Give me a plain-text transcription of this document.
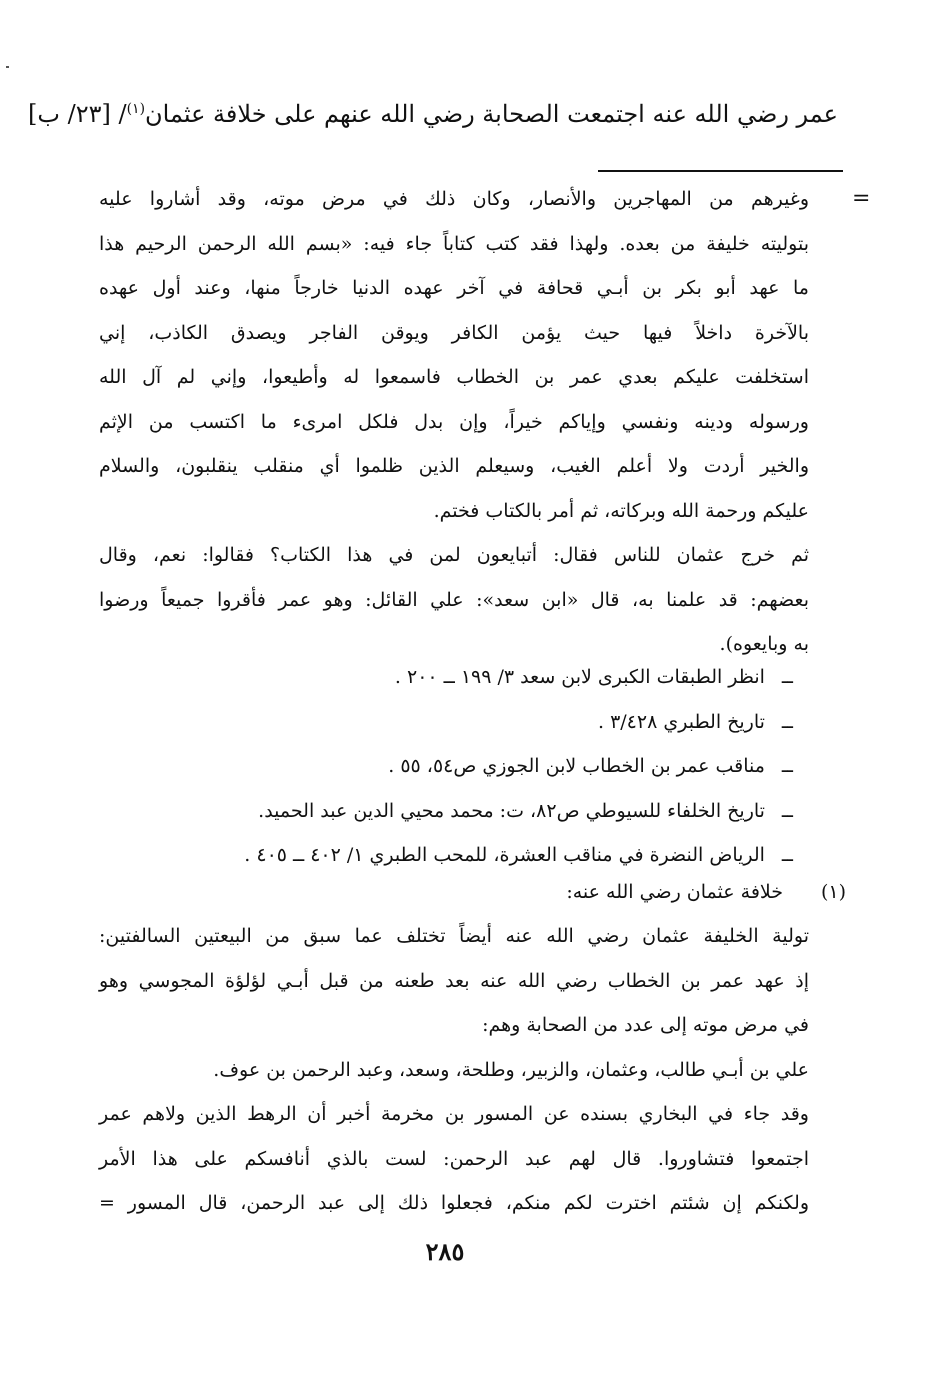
عمر رضي الله عنه اجتمعت الصحابة رضي الله عنهم على خلافة عثمان$^{(١)}$/ [٢٣/ ب]
=
وغيرهم من المهاجرين والأنصار، وكان ذلك في مرض موته، وقد أشاروا عليه
بتوليته خليفة من بعده. ولهذا فقد كتب كتاباً جاء فيه: «بسم الله الرحمن الرحيم هذا
ما عهد أبو بكر بن أبـي قحافة في آخر عهده الدنيا خارجاً منها، وعند أول عهده
بالآخرة داخلاً فيها حيث يؤمن الكافر ويوقن الفاجر ويصدق الكاذب، إني
استخلفت عليكم بعدي عمر بن الخطاب فاسمعوا له وأطيعوا، وإني لم آل الله
ورسوله ودينه ونفسي وإياكم خيراً، وإن بدل فلكل امرىء ما اكتسب من الإثم
والخير أردت ولا أعلم الغيب، وسيعلم الذين ظلموا أي منقلب ينقلبون، والسلام
عليكم ورحمة الله وبركاته، ثم أمر بالكتاب فختم.
ثم خرج عثمان للناس فقال: أتبايعون لمن في هذا الكتاب؟ فقالوا: نعم، وقال
بعضهم: قد علمنا به، قال «ابن سعد»: علي القائل: وهو عمر فأقروا جميعاً ورضوا
به وبايعوه).
ــ انظر الطبقات الكبرى لابن سعد ٣/ ١٩٩ ــ ٢٠٠ .
ــ تاريخ الطبري ٣/٤٢٨ .
ــ مناقب عمر بن الخطاب لابن الجوزي ص٥٤، ٥٥ .
ــ تاريخ الخلفاء للسيوطي ص٨٢، ت: محمد محيي الدين عبد الحميد.
ــ الرياض النضرة في مناقب العشرة، للمحب الطبري ١/ ٤٠٢ ــ ٤٠٥ .
(١)
خلافة عثمان رضي الله عنه:
تولية الخليفة عثمان رضي الله عنه أيضاً تختلف عما سبق من البيعتين السالفتين:
إذ عهد عمر بن الخطاب رضي الله عنه بعد طعنه من قبل أبـي لؤلؤة المجوسي وهو
في مرض موته إلى عدد من الصحابة وهم:
علي بن أبـي طالب، وعثمان، والزبير، وطلحة، وسعد، وعبد الرحمن بن عوف.
وقد جاء في البخاري بسنده عن المسور بن مخرمة أخبر أن الرهط الذين ولاهم عمر
اجتمعوا فتشاوروا. قال لهم عبد الرحمن: لست بالذي أنافسكم على هذا الأمر
ولكنكم إن شئتم اخترت لكم منكم، فجعلوا ذلك إلى عبد الرحمن، قال المسور =
٢٨٥
